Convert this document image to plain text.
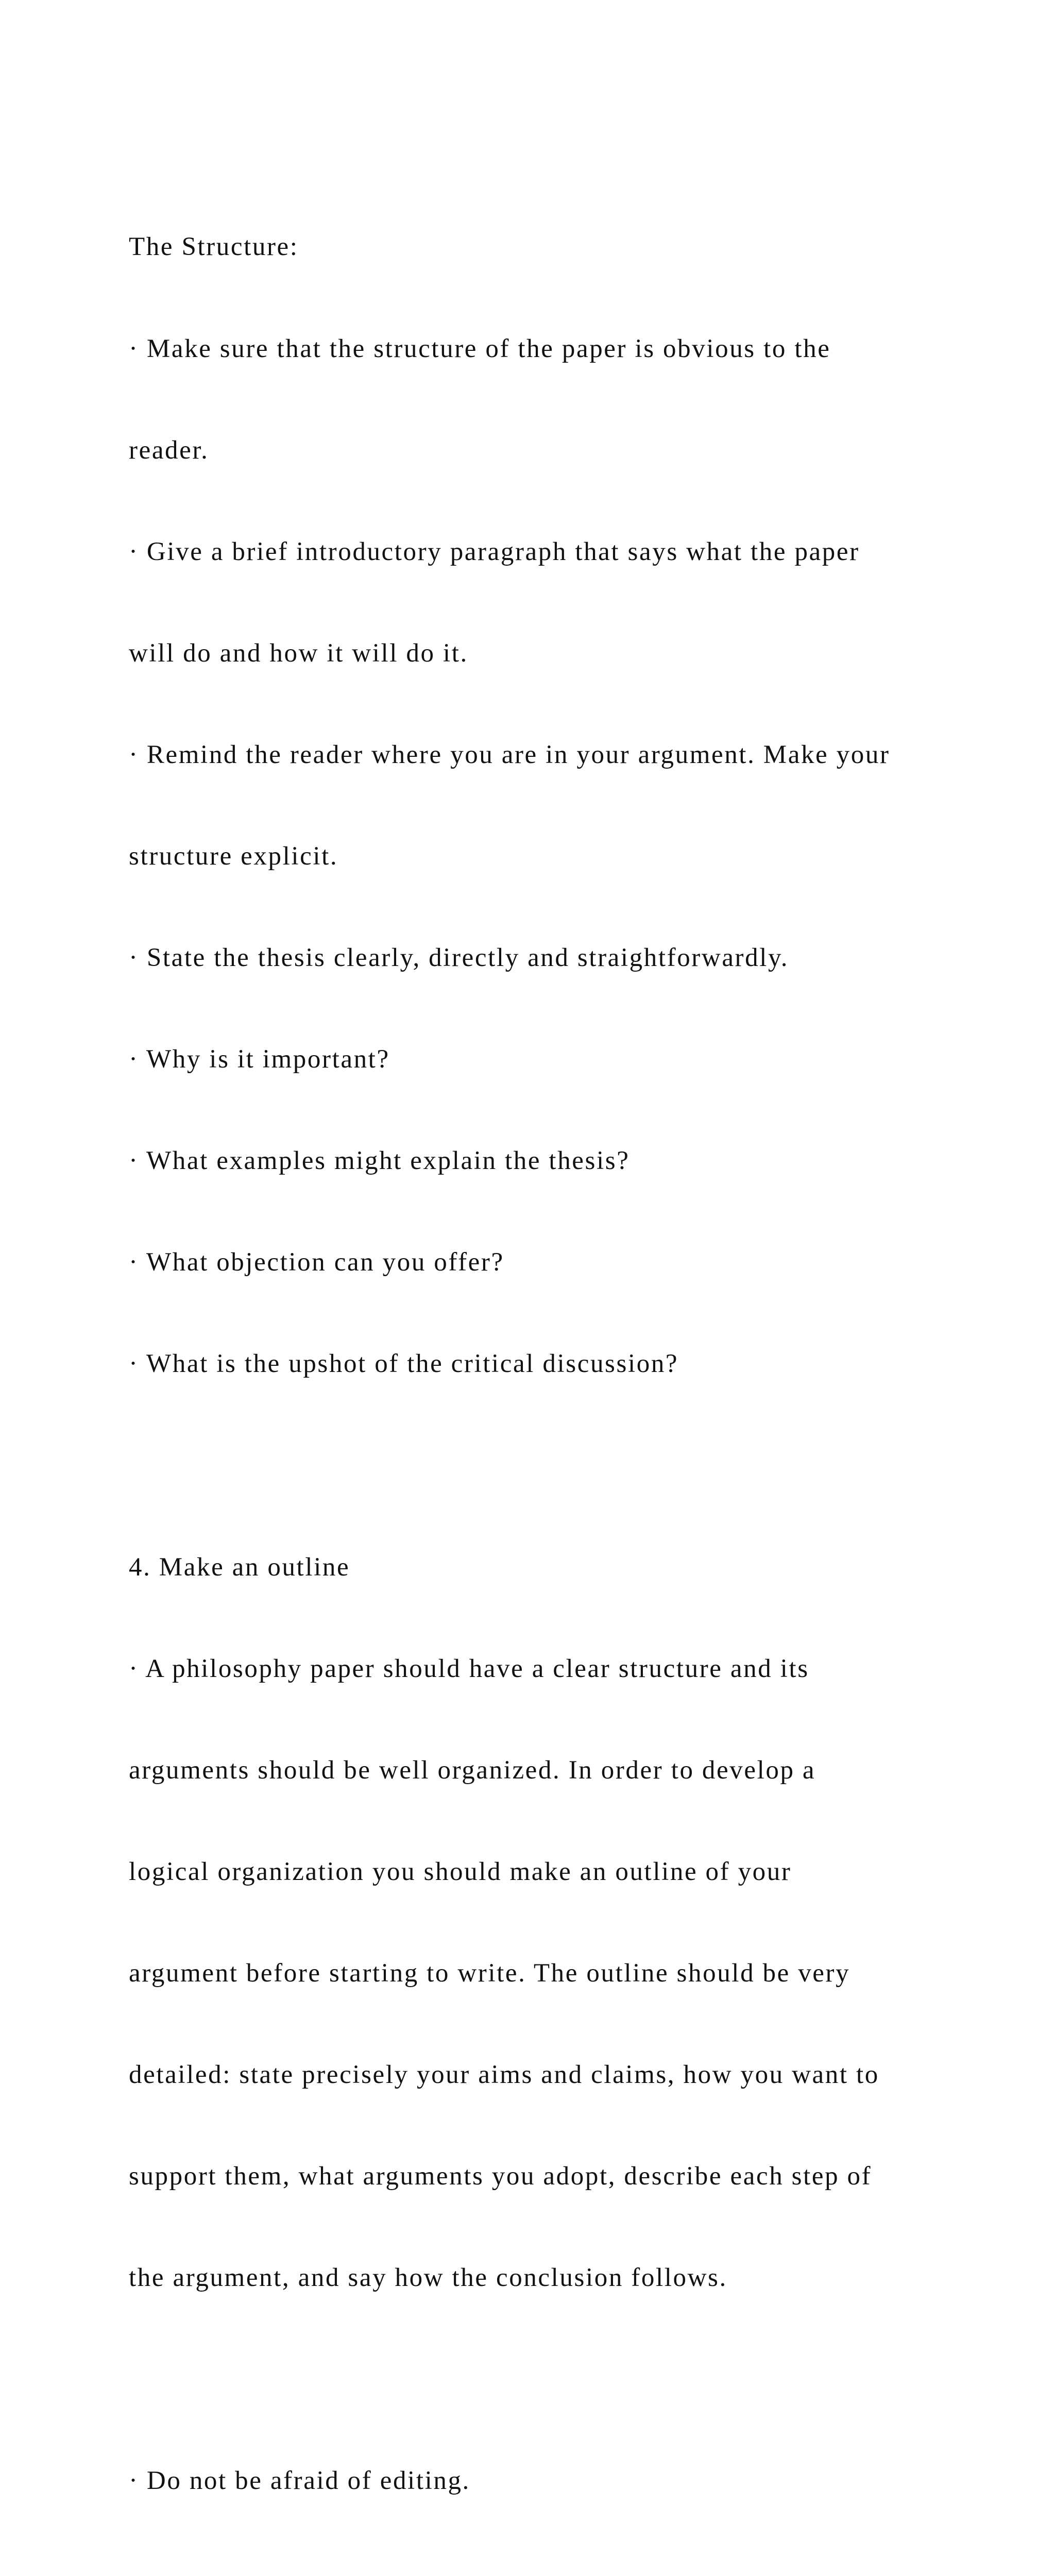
The Structure:

· Make sure that the structure of the paper is obvious to the

reader.

· Give a brief introductory paragraph that says what the paper

will do and how it will do it.

· Remind the reader where you are in your argument. Make your

structure explicit.

· State the thesis clearly, directly and straightforwardly.

· Why is it important?

· What examples might explain the thesis?

· What objection can you offer?

· What is the upshot of the critical discussion?

4. Make an outline

· A philosophy paper should have a clear structure and its

arguments should be well organized. In order to develop a

logical organization you should make an outline of your

argument before starting to write. The outline should be very

detailed: state precisely your aims and claims, how you want to

support them, what arguments you adopt, describe each step of

the argument, and say how the conclusion follows.

· Do not be afraid of editing.
